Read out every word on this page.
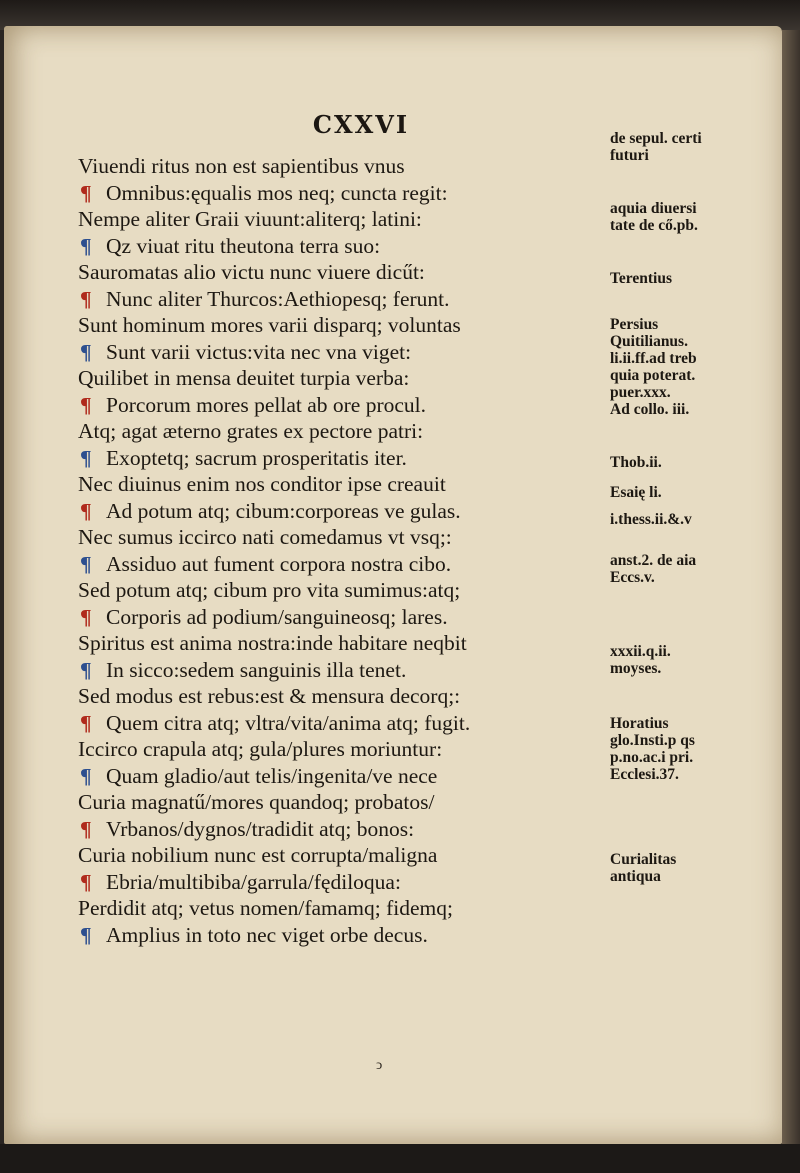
CXXVI
Viuendi ritus non est sapientibus vnus
¶ Omnibus:ęqualis mos neq; cuncta regit:
Nempe aliter Graii viuunt:aliterq; latini:
¶ Qz viuat ritu theutona terra suo:
Sauromatas alio victu nunc viuere dicűt:
¶ Nunc aliter Thurcos:Aethiopesq; ferunt.
Sunt hominum mores varii disparq; voluntas
¶ Sunt varii victus:vita nec vna viget:
Quilibet in mensa deuitet turpia verba:
¶ Porcorum mores pellat ab ore procul.
Atq; agat æterno grates ex pectore patri:
¶ Exoptetq; sacrum prosperitatis iter.
Nec diuinus enim nos conditor ipse creauit
¶ Ad potum atq; cibum:corporeas ve gulas.
Nec sumus iccirco nati comedamus vt vsq;:
¶ Assiduo aut fument corpora nostra cibo.
Sed potum atq; cibum pro vita sumimus:atq;
¶ Corporis ad podium/sanguineosq; lares.
Spiritus est anima nostra:inde habitare neqbit
¶ In sicco:sedem sanguinis illa tenet.
Sed modus est rebus:est & mensura decorq;:
¶ Quem citra atq; vltra/vita/anima atq; fugit.
Iccirco crapula atq; gula/plures moriuntur:
¶ Quam gladio/aut telis/ingenita/ve nece
Curia magnatű/mores quandoq; probatos/
¶ Vrbanos/dygnos/tradidit atq; bonos:
Curia nobilium nunc est corrupta/maligna
¶ Ebria/multibiba/garrula/fędiloqua:
Perdidit atq; vetus nomen/famamq; fidemq;
¶ Amplius in toto nec viget orbe decus.
de sepul. certi
futuri
aquia diuersi
tate de cő.pb.
Terentius
Persius
Quitilianus.
li.ii.ff.ad treb
quia poterat.
puer.xxx.
Ad collo. iii.
Thob.ii.
Esaię li.
i.thess.ii.&.v
anst.2. de aia
Eccs.v.
xxxii.q.ii.
moyses.
Horatius
glo.Insti.p qs
p.no.ac.i pri.
Ecclesi.37.
Curialitas
antiqua
ↄ
